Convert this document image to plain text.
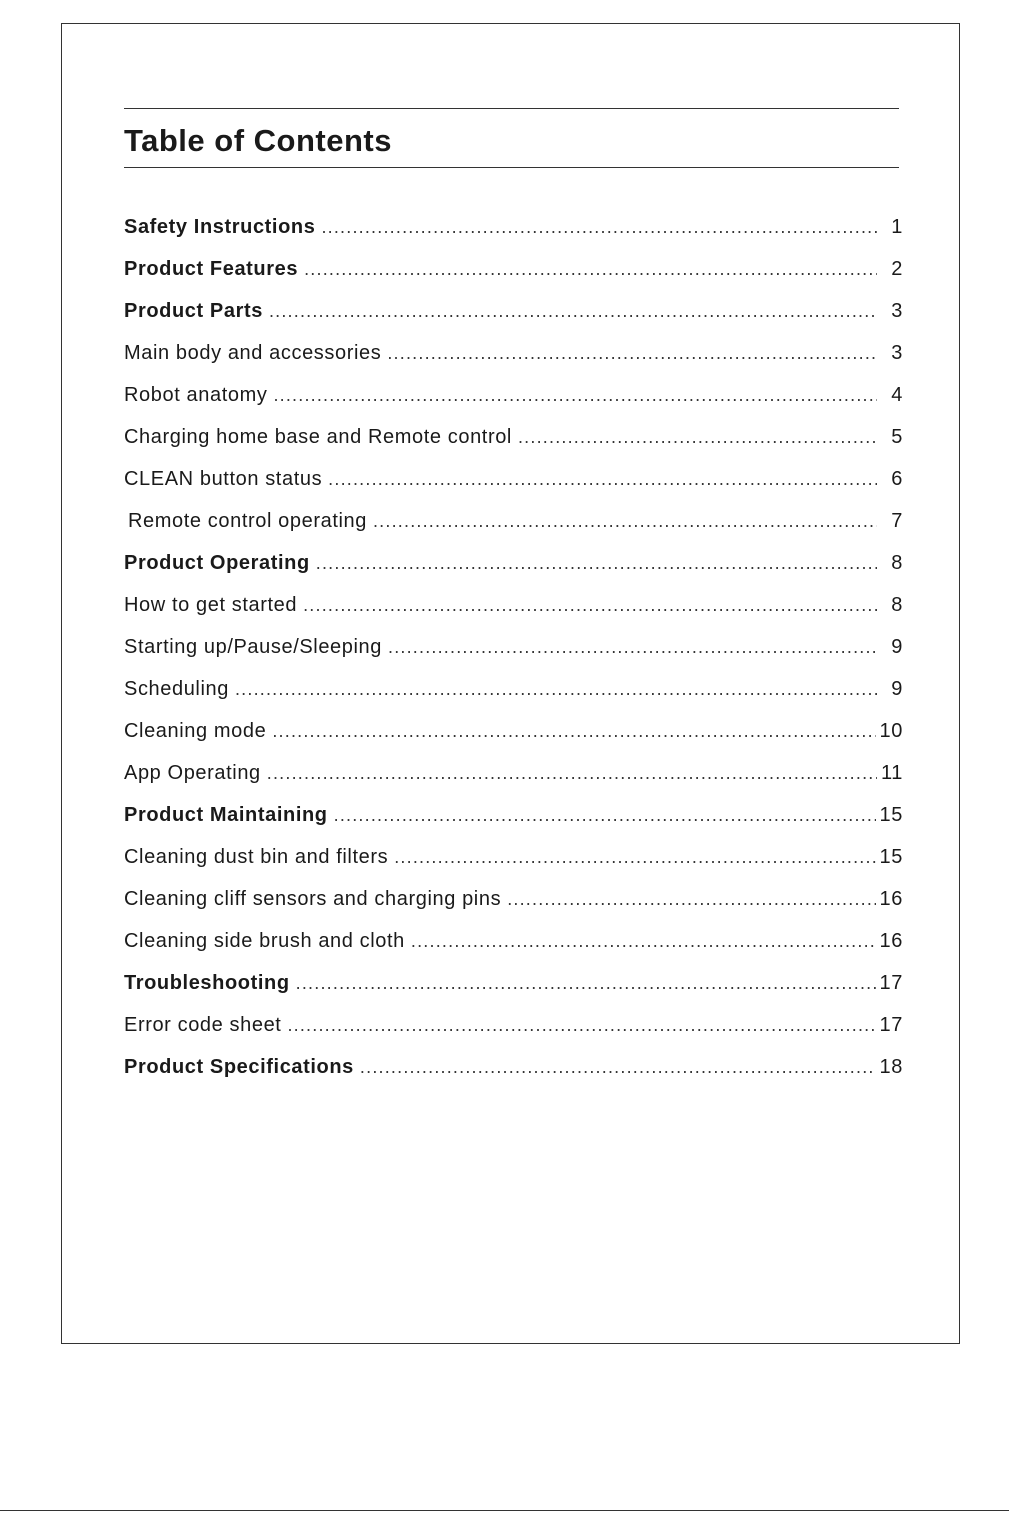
Table of Contents
Safety Instructions .....	1
Product Features .....	2
Product Parts .....	3
Main body and accessories .....	3
Robot anatomy .....	4
Charging home base and Remote control .....	5
CLEAN button status .....	6
Remote control operating .....	7
Product Operating .....	8
How to get started .....	8
Starting up/Pause/Sleeping .....	9
Scheduling .....	9
Cleaning mode .....	10
App Operating .....	11
Product Maintaining .....	15
Cleaning dust bin and filters .....	15
Cleaning cliff sensors and charging pins .....	16
Cleaning side brush and cloth .....	16
Troubleshooting .....	17
Error code sheet .....	17
Product Specifications .....	18
